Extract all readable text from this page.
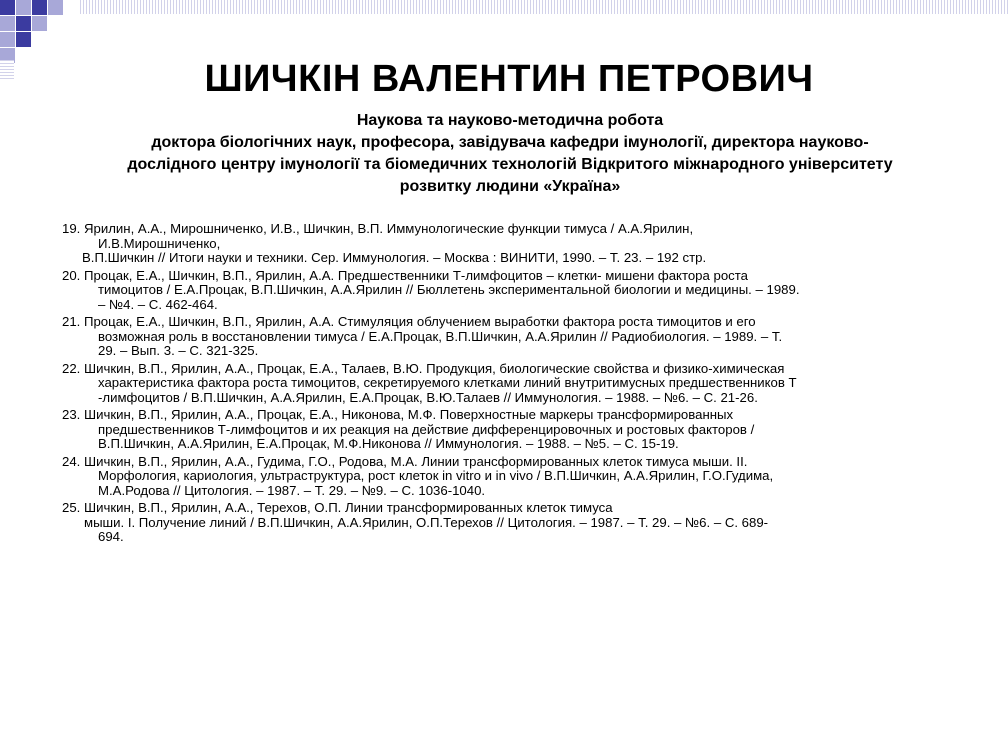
ШИЧКІН ВАЛЕНТИН ПЕТРОВИЧ
Наукова та науково-методична робота
доктора біологічних наук, професора, завідувача кафедри імунології, директора науково-
дослідного центру імунології та біомедичних технологій Відкритого міжнародного університету
розвитку людини «Україна»
19. Ярилин, А.А., Мирошниченко, И.В., Шичкин, В.П. Иммунологические функции тимуса / А.А.Ярилин,
И.В.Мирошниченко,
В.П.Шичкин // Итоги науки и техники. Сер. Иммунология. – Москва : ВИНИТИ, 1990. – Т. 23. – 192 стр.
20. Процак, Е.А., Шичкин, В.П., Ярилин, А.А. Предшественники Т-лимфоцитов – клетки- мишени фактора роста
тимоцитов / Е.А.Процак, В.П.Шичкин, А.А.Ярилин // Бюллетень экспериментальной биологии и медицины. – 1989.
– №4. – С. 462-464.
21. Процак, Е.А., Шичкин, В.П., Ярилин, А.А. Стимуляция облучением выработки фактора роста тимоцитов и его
возможная роль в восстановлении тимуса / Е.А.Процак, В.П.Шичкин, А.А.Ярилин // Радиобиология. – 1989. – Т.
29. – Вып. 3. – С. 321-325.
22. Шичкин, В.П., Ярилин, А.А., Процак, Е.А., Талаев, В.Ю. Продукция, биологические свойства и физико-химическая
характеристика фактора роста тимоцитов, секретируемого клетками линий внутритимусных предшественников Т
-лимфоцитов / В.П.Шичкин, А.А.Ярилин, Е.А.Процак, В.Ю.Талаев // Иммунология. – 1988. – №6. – С. 21-26.
23. Шичкин, В.П., Ярилин, А.А., Процак, Е.А., Никонова, М.Ф. Поверхностные маркеры трансформированных
предшественников Т-лимфоцитов и их реакция на действие дифференцировочных и ростовых факторов /
В.П.Шичкин, А.А.Ярилин, Е.А.Процак, М.Ф.Никонова // Иммунология. – 1988. – №5. – С. 15-19.
24. Шичкин, В.П., Ярилин, А.А., Гудима, Г.О., Родова, М.А. Линии трансформированных клеток тимуса мыши. II.
Морфология, кариология, ультраструктура, рост клеток in vitro и in vivo / В.П.Шичкин, А.А.Ярилин, Г.О.Гудима,
М.А.Родова // Цитология. – 1987. – Т. 29. – №9. – С. 1036-1040.
25. Шичкин, В.П., Ярилин, А.А., Терехов, О.П. Линии трансформированных клеток тимуса
мыши. I. Получение линий / В.П.Шичкин, А.А.Ярилин, О.П.Терехов // Цитология. – 1987. – Т. 29. – №6. – С. 689-
694.
